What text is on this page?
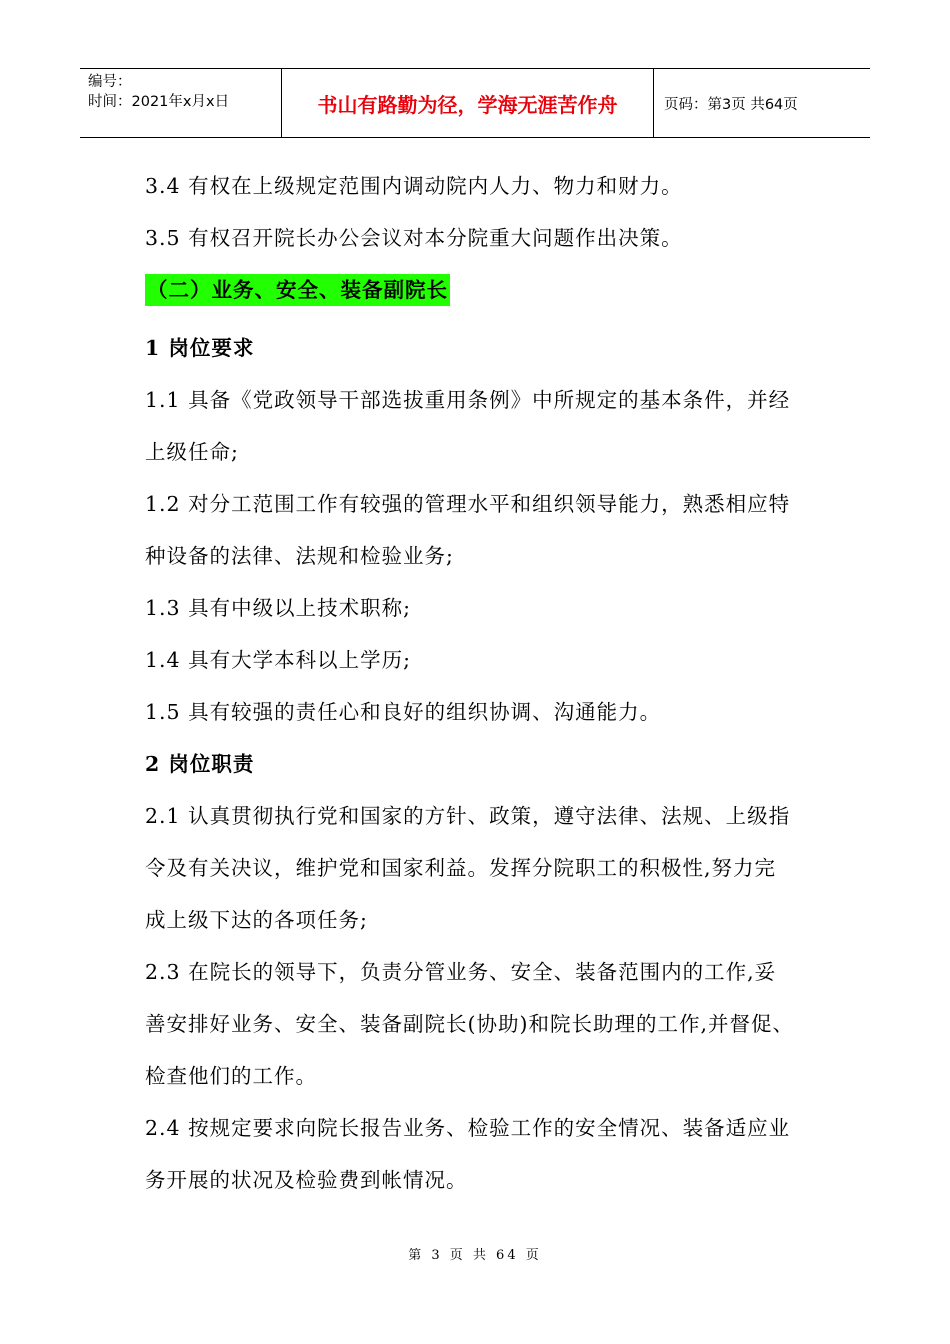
编号：
时间：2021年x月x日	书山有路勤为径，学海无涯苦作舟	页码：第3页 共64页
3.4 有权在上级规定范围内调动院内人力、物力和财力。
3.5 有权召开院长办公会议对本分院重大问题作出决策。
（二）业务、安全、装备副院长
1 岗位要求
1.1 具备《党政领导干部选拔重用条例》中所规定的基本条件，并经
上级任命;
1.2 对分工范围工作有较强的管理水平和组织领导能力，熟悉相应特
种设备的法律、法规和检验业务;
1.3 具有中级以上技术职称;
1.4 具有大学本科以上学历;
1.5 具有较强的责任心和良好的组织协调、沟通能力。
2 岗位职责
2.1 认真贯彻执行党和国家的方针、政策，遵守法律、法规、上级指
令及有关决议，维护党和国家利益。发挥分院职工的积极性,努力完
成上级下达的各项任务;
2.3 在院长的领导下，负责分管业务、安全、装备范围内的工作,妥
善安排好业务、安全、装备副院长(协助)和院长助理的工作,并督促、
检查他们的工作。
2.4 按规定要求向院长报告业务、检验工作的安全情况、装备适应业
务开展的状况及检验费到帐情况。
第 3 页 共 64 页
